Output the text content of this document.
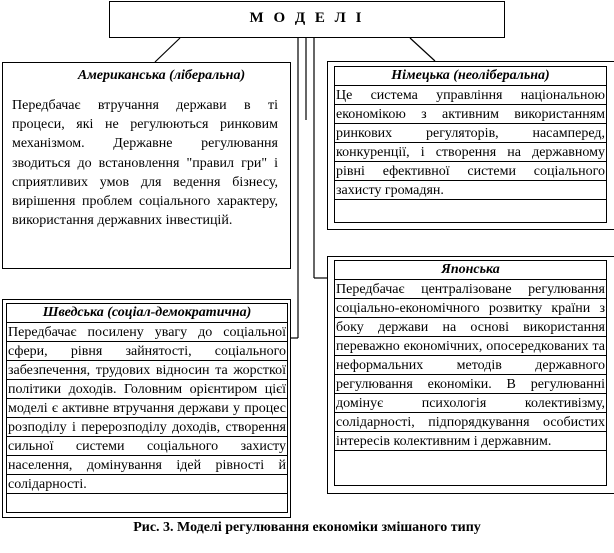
М О Д Е Л І
Американська (ліберальна)
Передбачає втручання держави в ті процеси, які не регулюються ринковим механізмом. Державне регулювання зводиться до встановлення "правил гри" і сприятливих умов для ведення бізнесу, вирішення проблем соціального характеру, використання державних інвестицій.
Німецька (неоліберальна)
Це система управління національною економікою з активним використанням ринкових регуляторів, насамперед, конкуренції, і створення на державному рівні ефективної системи соціального захисту громадян.
Шведська (соціал-демократична)
Передбачає посилену увагу до соціальної сфери, рівня зайнятості, соціального забезпечення, трудових відносин та жорсткої політики доходів. Головним орієнтиром цієї моделі є активне втручання держави у процес розподілу і перерозподілу доходів, створення сильної системи соціального захисту населення, домінування ідей рівності й солідарності.
Японська
Передбачає централізоване регулювання соціально-економічного розвитку країни з боку держави на основі використання переважно економічних, опосередкованих та неформальних методів державного регулювання економіки. В регулюванні домінує психологія колективізму, солідарності, підпорядкування особистих інтересів колективним і державним.
Рис. 3. Моделі регулювання економіки змішаного типу
